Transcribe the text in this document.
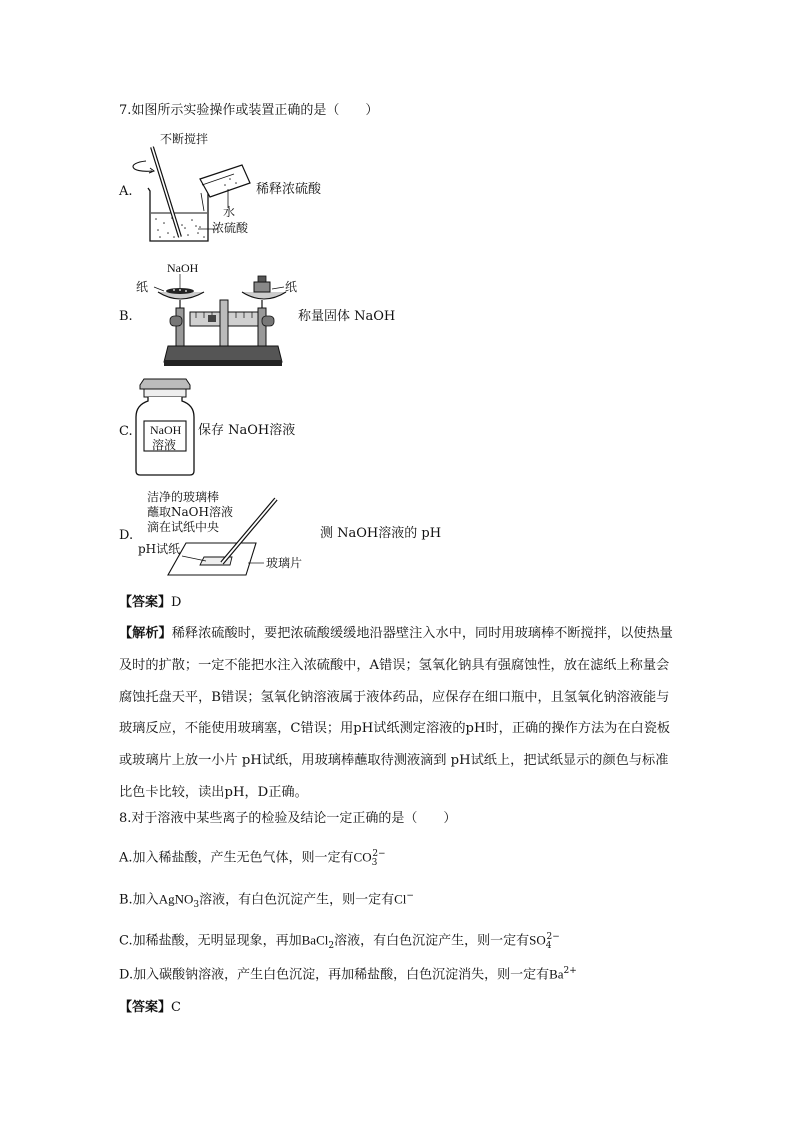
7.如图所示实验操作或装置正确的是（　　）
A.
不断搅拌
水
浓硫酸
稀释浓硫酸
B.
NaOH
纸	纸
称量固体 NaOH
C. NaOH
溶液
保存 NaOH溶液
D.
洁净的玻璃棒
蘸取NaOH溶液
滴在试纸中央
pH试纸
玻璃片
测 NaOH溶液的 pH
【答案】D
【解析】稀释浓硫酸时，要把浓硫酸缓缓地沿器壁注入水中，同时用玻璃棒不断搅拌，以使热量及时的扩散；一定不能把水注入浓硫酸中，A错误；氢氧化钠具有强腐蚀性，放在滤纸上称量会腐蚀托盘天平，B错误；氢氧化钠溶液属于液体药品，应保存在细口瓶中，且氢氧化钠溶液能与玻璃反应，不能使用玻璃塞，C错误；用pH试纸测定溶液的pH时，正确的操作方法为在白瓷板或玻璃片上放一小片 pH试纸，用玻璃棒蘸取待测液滴到 pH试纸上，把试纸显示的颜色与标准比色卡比较，读出pH，D正确。
8.对于溶液中某些离子的检验及结论一定正确的是（　　）
A.加入稀盐酸，产生无色气体，则一定有$CO_3^{2-}$
B.加入AgNO$_3$溶液，有白色沉淀产生，则一定有Cl−
C.加稀盐酸，无明显现象，再加BaCl$_2$溶液，有白色沉淀产生，则一定有$SO_4^{2-}$
D.加入碳酸钠溶液，产生白色沉淀，再加稀盐酸，白色沉淀消失，则一定有$Ba^{2+}$
【答案】C
